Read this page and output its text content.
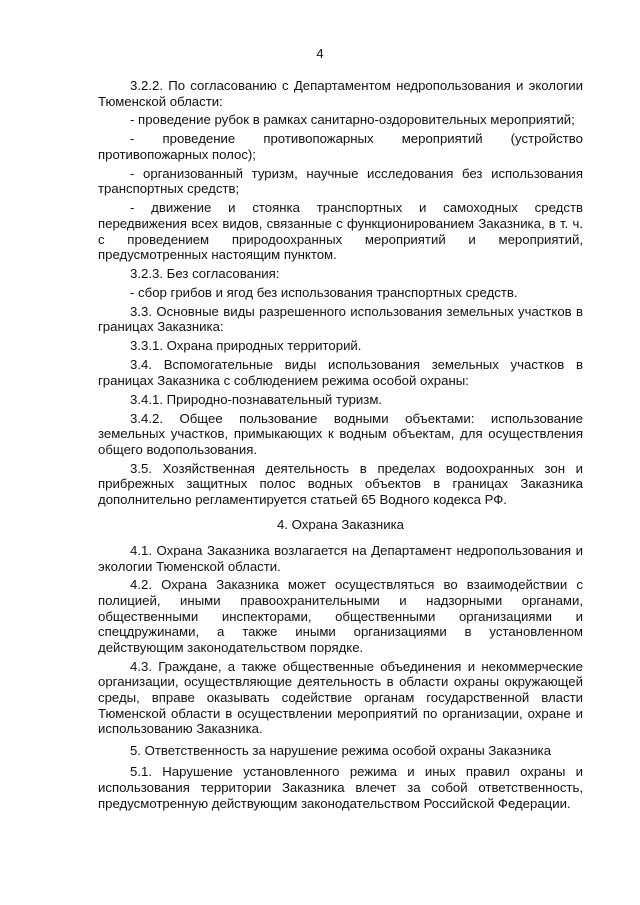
4

3.2.2. По согласованию с Департаментом недропользования и экологии Тюменской области:

- проведение рубок в рамках санитарно-оздоровительных мероприятий;

- проведение противопожарных мероприятий (устройство противопожарных полос);

- организованный туризм, научные исследования без использования транспортных средств;

- движение и стоянка транспортных и самоходных средств передвижения всех видов, связанные с функционированием Заказника, в т. ч. с проведением природоохранных мероприятий и мероприятий, предусмотренных настоящим пунктом.

3.2.3. Без согласования:

- сбор грибов и ягод без использования транспортных средств.

3.3. Основные виды разрешенного использования земельных участков в границах Заказника:

3.3.1. Охрана природных территорий.

3.4. Вспомогательные виды использования земельных участков в границах Заказника с соблюдением режима особой охраны:

3.4.1. Природно-познавательный туризм.

3.4.2. Общее пользование водными объектами: использование земельных участков, примыкающих к водным объектам, для осуществления общего водопользования.

3.5. Хозяйственная деятельность в пределах водоохранных зон и прибрежных защитных полос водных объектов в границах Заказника дополнительно регламентируется статьей 65 Водного кодекса РФ.

4. Охрана Заказника

4.1. Охрана Заказника возлагается на Департамент недропользования и экологии Тюменской области.

4.2. Охрана Заказника может осуществляться во взаимодействии с полицией, иными правоохранительными и надзорными органами, общественными инспекторами, общественными организациями и спецдружинами, а также иными организациями в установленном действующим законодательством порядке.

4.3. Граждане, а также общественные объединения и некоммерческие организации, осуществляющие деятельность в области охраны окружающей среды, вправе оказывать содействие органам государственной власти Тюменской области в осуществлении мероприятий по организации, охране и использованию Заказника.

5. Ответственность за нарушение режима особой охраны Заказника

5.1. Нарушение установленного режима и иных правил охраны и использования территории Заказника влечет за собой ответственность, предусмотренную действующим законодательством Российской Федерации.
